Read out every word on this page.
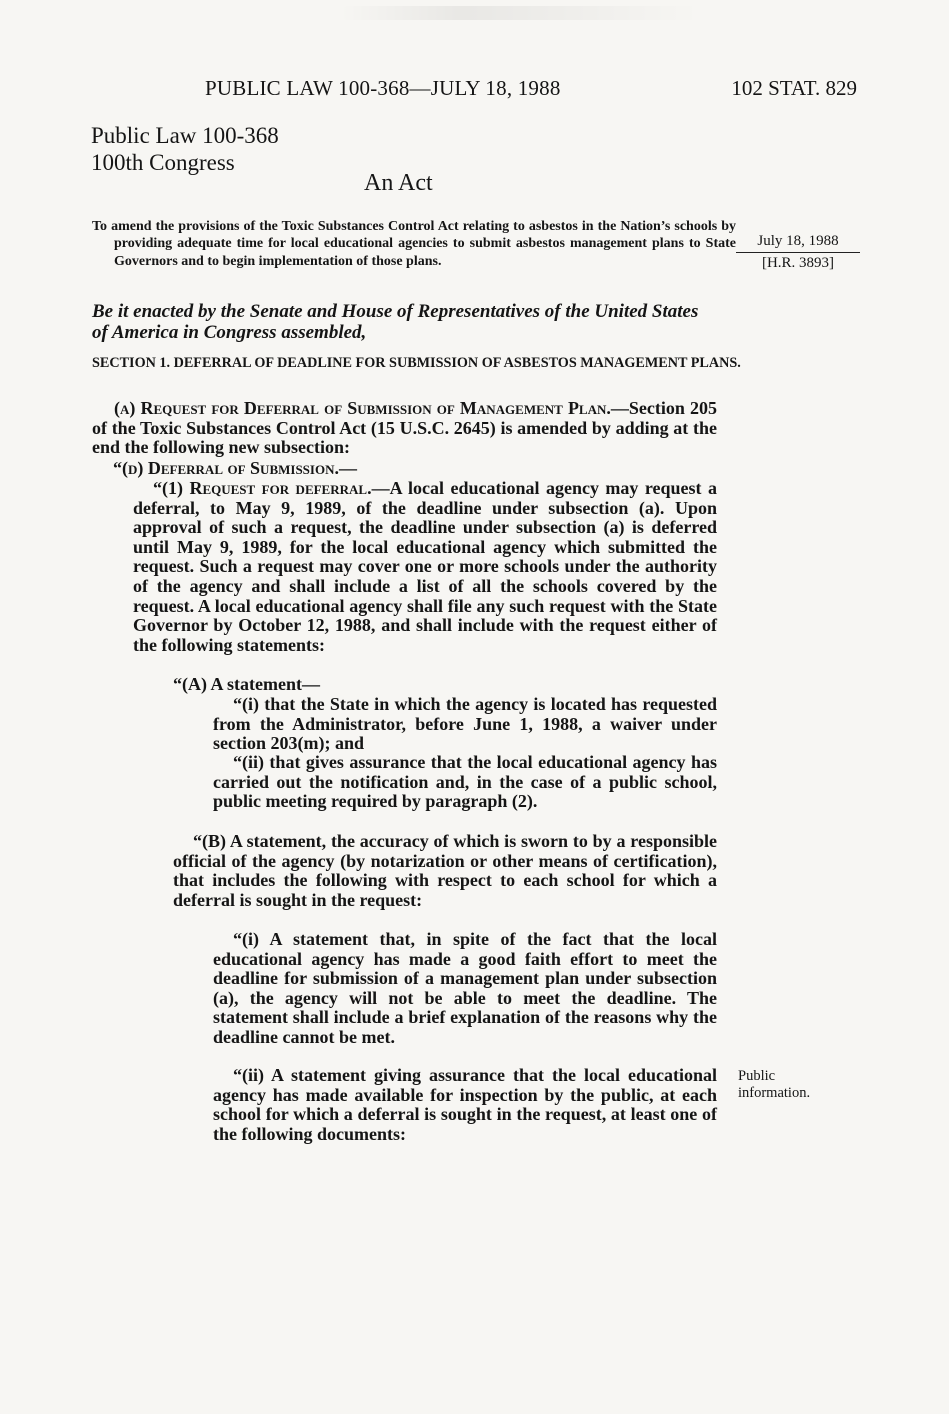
PUBLIC LAW 100-368—JULY 18, 1988	102 STAT. 829
Public Law 100-368
100th Congress
An Act
To amend the provisions of the Toxic Substances Control Act relating to asbestos in the Nation’s schools by providing adequate time for local educational agencies to submit asbestos management plans to State Governors and to begin implementation of those plans.
July 18, 1988
[H.R. 3893]
Be it enacted by the Senate and House of Representatives of the United States of America in Congress assembled,
SECTION 1. DEFERRAL OF DEADLINE FOR SUBMISSION OF ASBESTOS MANAGEMENT PLANS.
(a) Request for Deferral of Submission of Management Plan.—Section 205 of the Toxic Substances Control Act (15 U.S.C. 2645) is amended by adding at the end the following new subsection:
“(d) Deferral of Submission.—
“(1) Request for deferral.—A local educational agency may request a deferral, to May 9, 1989, of the deadline under subsection (a). Upon approval of such a request, the deadline under subsection (a) is deferred until May 9, 1989, for the local educational agency which submitted the request. Such a request may cover one or more schools under the authority of the agency and shall include a list of all the schools covered by the request. A local educational agency shall file any such request with the State Governor by October 12, 1988, and shall include with the request either of the following statements:
“(A) A statement—
“(i) that the State in which the agency is located has requested from the Administrator, before June 1, 1988, a waiver under section 203(m); and
“(ii) that gives assurance that the local educational agency has carried out the notification and, in the case of a public school, public meeting required by paragraph (2).
“(B) A statement, the accuracy of which is sworn to by a responsible official of the agency (by notarization or other means of certification), that includes the following with respect to each school for which a deferral is sought in the request:
“(i) A statement that, in spite of the fact that the local educational agency has made a good faith effort to meet the deadline for submission of a management plan under subsection (a), the agency will not be able to meet the deadline. The statement shall include a brief explanation of the reasons why the deadline cannot be met.
“(ii) A statement giving assurance that the local educational agency has made available for inspection by the public, at each school for which a deferral is sought in the request, at least one of the following documents:
Public information.
